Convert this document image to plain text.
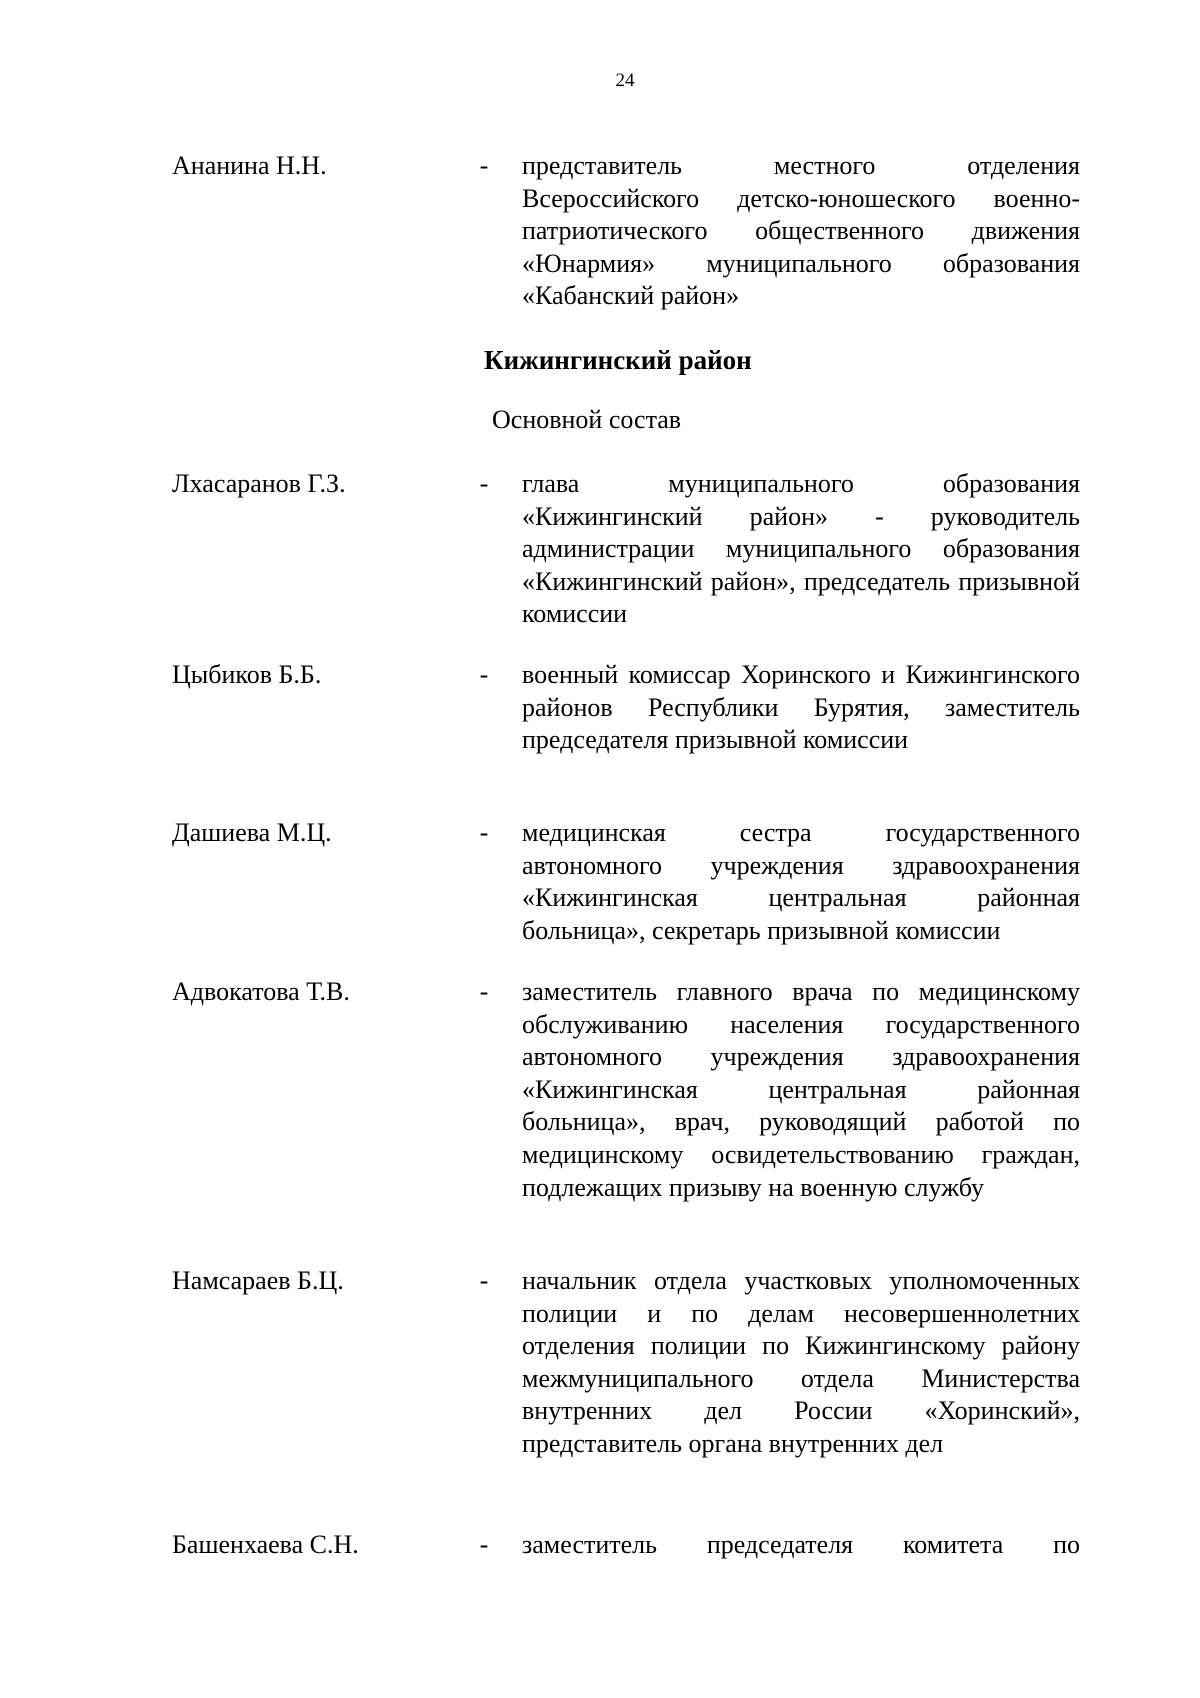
24
Ананина Н.Н.	- представитель местного отделения Всероссийского детско-юношеского военно-патриотического общественного движения «Юнармия» муниципального образования «Кабанский район»
Кижингинский район
Основной состав
Лхасаранов Г.З.	- глава муниципального образования «Кижингинский район» - руководитель администрации муниципального образования «Кижингинский район», председатель призывной комиссии
Цыбиков Б.Б.	- военный комиссар Хоринского и Кижингинского районов Республики Бурятия, заместитель председателя призывной комиссии
Дашиева М.Ц.	- медицинская сестра государственного автономного учреждения здравоохранения «Кижингинская центральная районная больница», секретарь призывной комиссии
Адвокатова Т.В.	- заместитель главного врача по медицинскому обслуживанию населения государственного автономного учреждения здравоохранения «Кижингинская центральная районная больница», врач, руководящий работой по медицинскому освидетельствованию граждан, подлежащих призыву на военную службу
Намсараев Б.Ц.	- начальник отдела участковых уполномоченных полиции и по делам несовершеннолетних отделения полиции по Кижингинскому району межмуниципального отдела Министерства внутренних дел России «Хоринский», представитель органа внутренних дел
Башенхаева С.Н.	- заместитель председателя комитета по
